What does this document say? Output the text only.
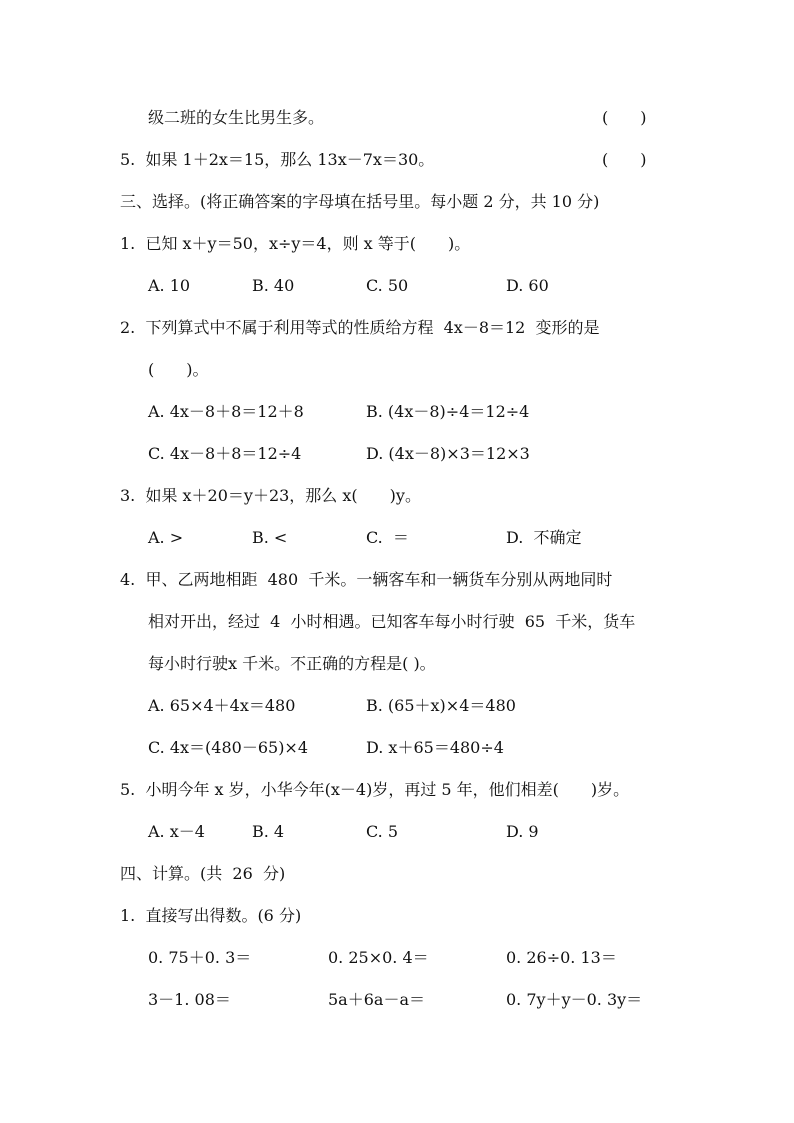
级二班的女生比男生多。	(　　)
5.  如果 1＋2x＝15，那么 13x－7x＝30。	(　　)
三、选择。(将正确答案的字母填在括号里。每小题 2 分，共 10 分)
1.  已知 x＋y＝50，x÷y＝4，则 x 等于(　　)。
A. 10	B. 40	C. 50	D. 60
2.  下列算式中不属于利用等式的性质给方程  4x－8＝12  变形的是
(　　)。
A. 4x－8＋8＝12＋8	B. (4x－8)÷4＝12÷4
C. 4x－8＋8＝12÷4	D. (4x－8)×3＝12×3
3.  如果 x＋20＝y＋23，那么 x(　　)y。
A. >	B. <	C.  ＝	D.  不确定
4.  甲、乙两地相距  480  千米。一辆客车和一辆货车分别从两地同时
相对开出，经过  4  小时相遇。已知客车每小时行驶  65  千米，货车
每小时行驶x 千米。不正确的方程是( )。
A. 65×4＋4x＝480	B. (65＋x)×4＝480
C. 4x＝(480－65)×4	D. x＋65＝480÷4
5.  小明今年 x 岁，小华今年(x－4)岁，再过 5 年，他们相差(　　)岁。
A. x－4	B. 4	C. 5	D. 9
四、计算。(共  26  分)
1.  直接写出得数。(6 分)
0. 75＋0. 3＝	0. 25×0. 4＝	0. 26÷0. 13＝
3－1. 08＝	5a＋6a－a＝	0. 7y＋y－0. 3y＝
